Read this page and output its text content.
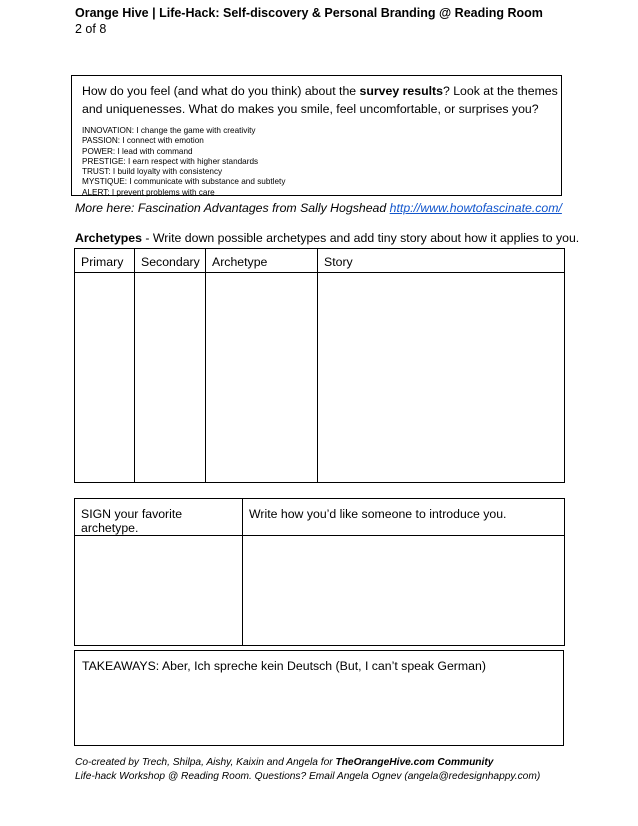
Orange Hive | Life-Hack: Self-discovery & Personal Branding @ Reading Room
2 of 8
How do you feel (and what do you think) about the survey results? Look at the themes
and uniquenesses. What do makes you smile, feel uncomfortable, or surprises you?
INNOVATION: I change the game with creativity
PASSION: I connect with emotion
POWER: I lead with command
PRESTIGE: I earn respect with higher standards
TRUST: I build loyalty with consistency
MYSTIQUE: I communicate with substance and subtlety
ALERT: I prevent problems with care
More here: Fascination Advantages from Sally Hogshead http://www.howtofascinate.com/
Archetypes - Write down possible archetypes and add tiny story about how it applies to you.
Primary	Secondary	Archetype	Story

SIGN your favorite archetype.	Write how you’d like someone to introduce you.

TAKEAWAYS: Aber, Ich spreche kein Deutsch (But, I can’t speak German)
Co-created by Trech, Shilpa, Aishy, Kaixin and Angela for TheOrangeHive.com Community
Life-hack Workshop @ Reading Room. Questions? Email Angela Ognev (angela@redesignhappy.com)
